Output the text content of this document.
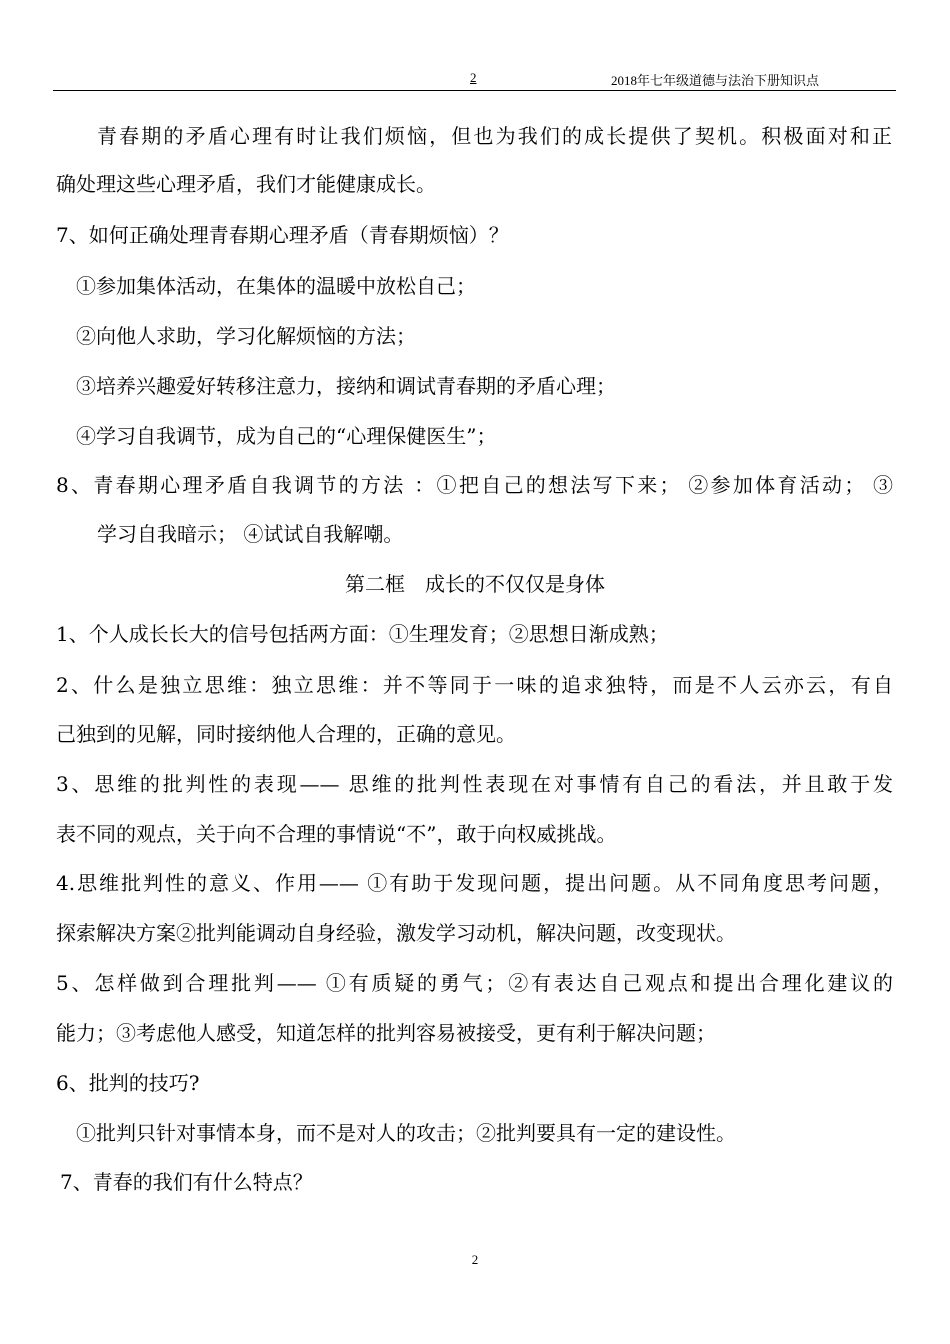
2	2018年七年级道德与法治下册知识点
青春期的矛盾心理有时让我们烦恼，但也为我们的成长提供了契机。积极面对和正
确处理这些心理矛盾，我们才能健康成长。
7、如何正确处理青春期心理矛盾（青春期烦恼）？
①参加集体活动，在集体的温暖中放松自己；
②向他人求助，学习化解烦恼的方法；
③培养兴趣爱好转移注意力，接纳和调试青春期的矛盾心理；
④学习自我调节，成为自己的“心理保健医生”；
8、青春期心理矛盾自我调节的方法 ：①把自己的想法写下来； ②参加体育活动； ③
学习自我暗示； ④试试自我解嘲。
第二框　成长的不仅仅是身体
1、个人成长长大的信号包括两方面：①生理发育；②思想日渐成熟；
2、什么是独立思维：独立思维：并不等同于一味的追求独特，而是不人云亦云，有自
己独到的见解，同时接纳他人合理的，正确的意见。
3、思维的批判性的表现—— 思维的批判性表现在对事情有自己的看法，并且敢于发
表不同的观点，关于向不合理的事情说“不”，敢于向权威挑战。
4.思维批判性的意义、作用—— ①有助于发现问题，提出问题。从不同角度思考问题，
探索解决方案②批判能调动自身经验，激发学习动机，解决问题，改变现状。
5、怎样做到合理批判—— ①有质疑的勇气；②有表达自己观点和提出合理化建议的
能力；③考虑他人感受，知道怎样的批判容易被接受，更有利于解决问题；
6、批判的技巧?
①批判只针对事情本身，而不是对人的攻击；②批判要具有一定的建设性。
7、青春的我们有什么特点？
2
